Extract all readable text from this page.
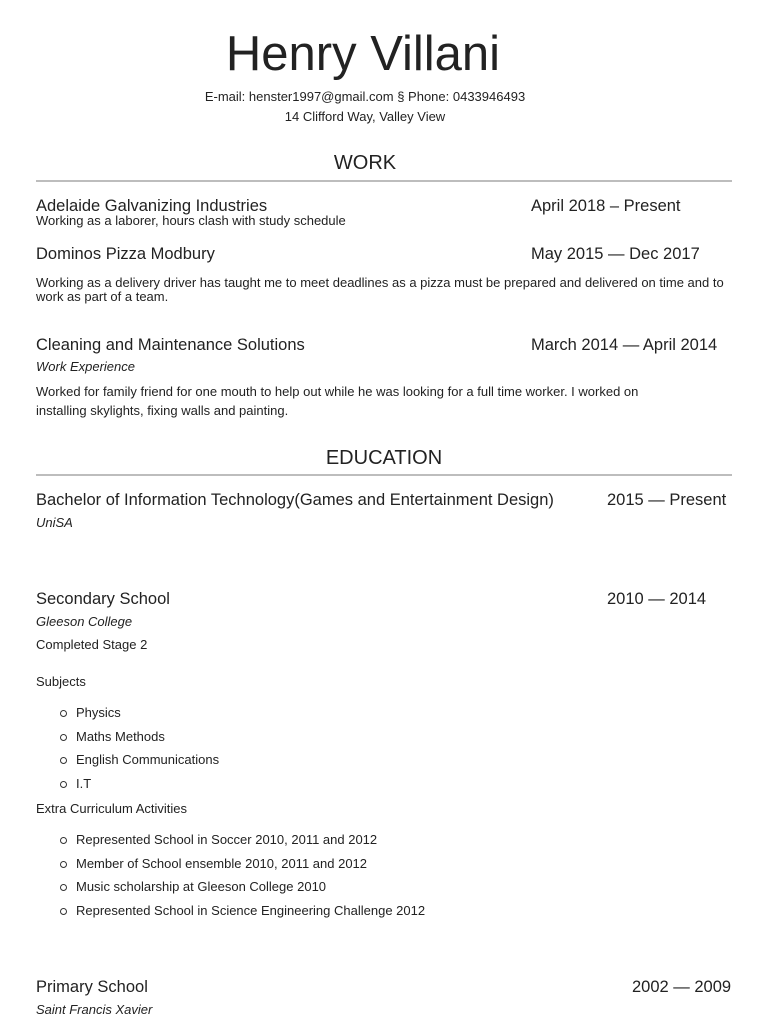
Henry Villani
E-mail: henster1997@gmail.com § Phone: 0433946493
14 Clifford Way, Valley View
WORK
Adelaide Galvanizing Industries	April 2018 – Present
Working as a laborer, hours clash with study schedule
Dominos Pizza Modbury	May 2015 — Dec 2017
Working as a delivery driver has taught me to meet deadlines as a pizza must be prepared and delivered on time and to work as part of a team.
Cleaning and Maintenance Solutions	March 2014 — April 2014
Work Experience
Worked for family friend for one mouth to help out while he was looking for a full time worker. I worked on installing skylights, fixing walls and painting.
EDUCATION
Bachelor of Information Technology(Games and Entertainment Design)	2015 — Present
UniSA
Secondary School	2010 — 2014
Gleeson College
Completed Stage 2
Subjects
Physics
Maths Methods
English Communications
I.T
Extra Curriculum Activities
Represented School in Soccer 2010, 2011 and 2012
Member of School ensemble 2010, 2011 and 2012
Music scholarship at Gleeson College 2010
Represented School in Science Engineering Challenge 2012
Primary School	2002 — 2009
Saint Francis Xavier
